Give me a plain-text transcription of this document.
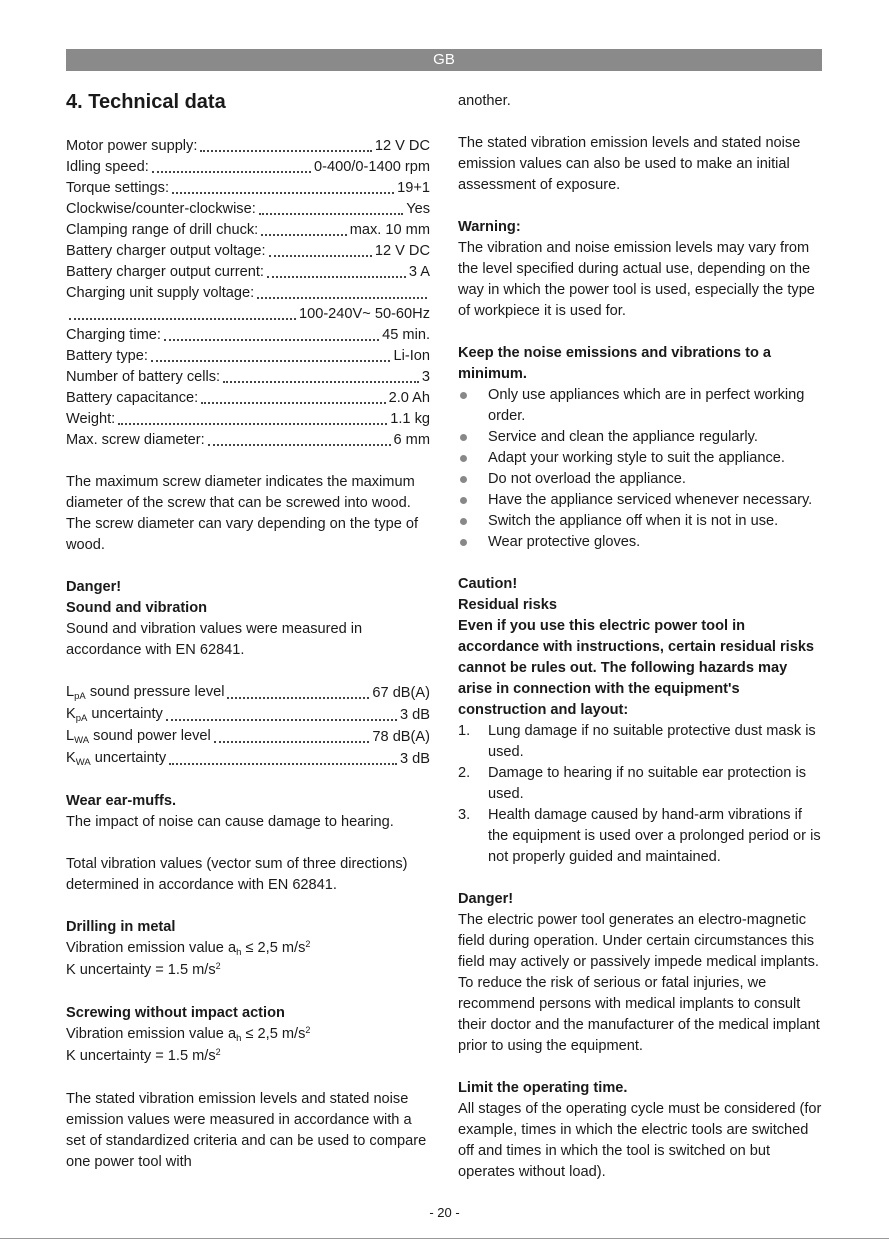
GB
4. Technical data
Motor power supply:	12 V DC
Idling speed:	0-400/0-1400 rpm
Torque settings:	19+1
Clockwise/counter-clockwise:	Yes
Clamping range of drill chuck:	max. 10 mm
Battery charger output voltage:	12 V DC
Battery charger output current:	3 A
Charging unit supply voltage:
100-240V~ 50-60Hz
Charging time:	45 min.
Battery type:	Li-Ion
Number of battery cells:	3
Battery capacitance:	2.0 Ah
Weight:	1.1 kg
Max. screw diameter:	6 mm

The maximum screw diameter indicates the maximum diameter of the screw that can be screwed into wood. The screw diameter can vary depending on the type of wood.

Danger!

Sound and vibration

Sound and vibration values were measured in accordance with EN 62841.

$L_{pA}$ sound pressure level	67 dB(A)
$K_{pA}$ uncertainty	3 dB
$L_{WA}$ sound power level	78 dB(A)
$K_{WA}$ uncertainty	3 dB

Wear ear-muffs.

The impact of noise can cause damage to hearing.

Total vibration values (vector sum of three directions) determined in accordance with EN 62841.

Drilling in metal

Vibration emission value $a_h \le 2,5$ $m/s^2$

K uncertainty = 1.5 $m/s^2$

Screwing without impact action

Vibration emission value $a_h \le 2,5$ $m/s^2$

K uncertainty = 1.5 $m/s^2$

The stated vibration emission levels and stated noise emission values were measured in accordance with a set of standardized criteria and can be used to compare one power tool with

another.

The stated vibration emission levels and stated noise emission values can also be used to make an initial assessment of exposure.

Warning:

The vibration and noise emission levels may vary from the level specified during actual use, depending on the way in which the power tool is used, especially the type of workpiece it is used for.

Keep the noise emissions and vibrations to a minimum.

Only use appliances which are in perfect working order.
Service and clean the appliance regularly.
Adapt your working style to suit the appliance.
Do not overload the appliance.
Have the appliance serviced whenever necessary.
Switch the appliance off when it is not in use.
Wear protective gloves.

Caution!

Residual risks

Even if you use this electric power tool in accordance with instructions, certain residual risks cannot be rules out. The following hazards may arise in connection with the equipment's construction and layout:

1. Lung damage if no suitable protective dust mask is used.
2. Damage to hearing if no suitable ear protection is used.
3. Health damage caused by hand-arm vibrations if the equipment is used over a prolonged period or is not properly guided and maintained.

Danger!

The electric power tool generates an electro-magnetic field during operation. Under certain circumstances this field may actively or passively impede medical implants. To reduce the risk of serious or fatal injuries, we recommend persons with medical implants to consult their doctor and the manufacturer of the medical implant prior to using the equipment.

Limit the operating time.

All stages of the operating cycle must be considered (for example, times in which the electric tools are switched off and times in which the tool is switched on but operates without load).

- 20 -
